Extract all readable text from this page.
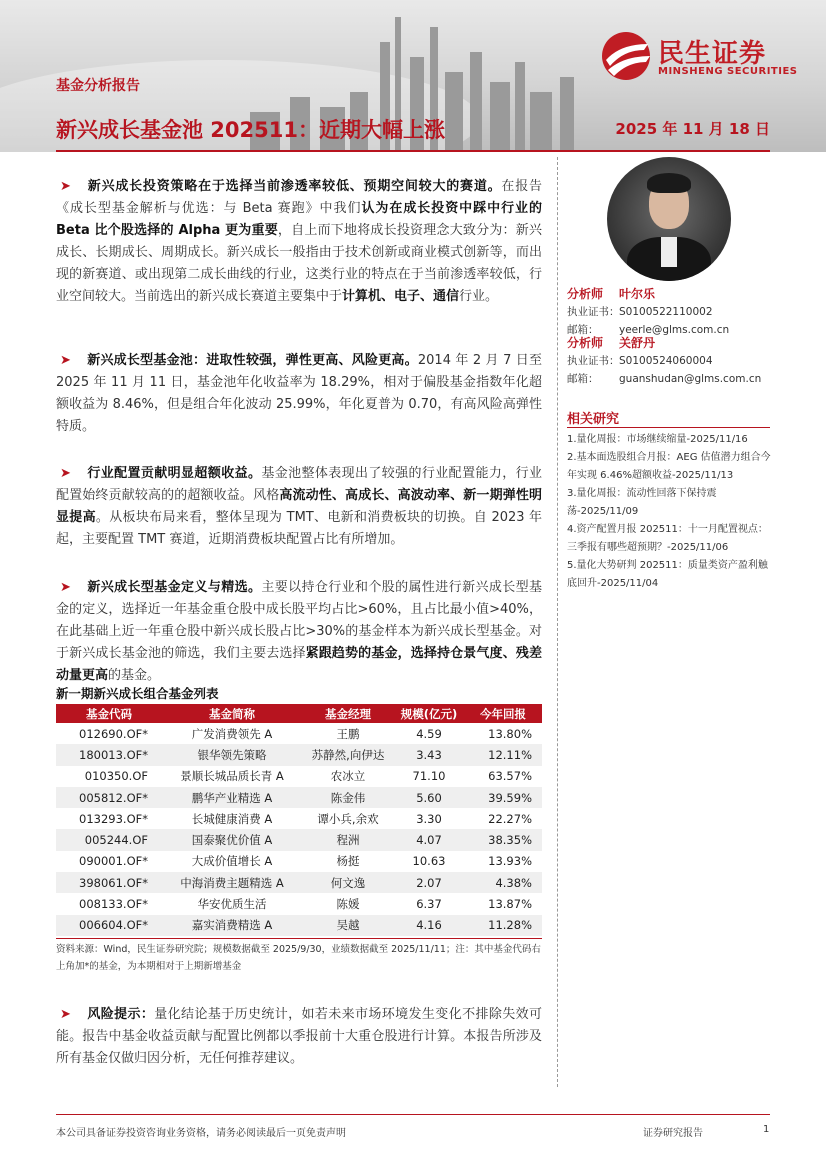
民生证券
MINSHENG SECURITIES
基金分析报告
新兴成长基金池 202511：近期大幅上涨	2025 年 11 月 18 日
➤ 新兴成长投资策略在于选择当前渗透率较低、预期空间较大的赛道。在报告《成长型基金解析与优选：与 Beta 赛跑》中我们认为在成长投资中踩中行业的 Beta 比个股选择的 Alpha 更为重要，自上而下地将成长投资理念大致分为：新兴成长、长期成长、周期成长。新兴成长一般指由于技术创新或商业模式创新等，而出现的新赛道、或出现第二成长曲线的行业，这类行业的特点在于当前渗透率较低，行业空间较大。当前选出的新兴成长赛道主要集中于计算机、电子、通信行业。
➤ 新兴成长型基金池：进取性较强，弹性更高、风险更高。2014 年 2 月 7 日至 2025 年 11 月 11 日，基金池年化收益率为 18.29%，相对于偏股基金指数年化超额收益为 8.46%，但是组合年化波动 25.99%，年化夏普为 0.70，有高风险高弹性特质。
➤ 行业配置贡献明显超额收益。基金池整体表现出了较强的行业配置能力，行业配置始终贡献较高的的超额收益。风格高流动性、高成长、高波动率、新一期弹性明显提高。从板块布局来看，整体呈现为 TMT、电新和消费板块的切换。自 2023 年起，主要配置 TMT 赛道，近期消费板块配置占比有所增加。
➤ 新兴成长型基金定义与精选。主要以持仓行业和个股的属性进行新兴成长型基金的定义，选择近一年基金重仓股中成长股平均占比>60%，且占比最小值>40%，在此基础上近一年重仓股中新兴成长股占比>30%的基金样本为新兴成长型基金。对于新兴成长基金池的筛选，我们主要去选择紧跟趋势的基金，选择持仓景气度、残差动量更高的基金。
新一期新兴成长组合基金列表
基金代码	基金简称	基金经理	规模(亿元)	今年回报
012690.OF*	广发消费领先 A	王鹏	4.59	13.80%
180013.OF*	银华领先策略	苏静然,向伊达	3.43	12.11%
010350.OF	景顺长城品质长青 A	农冰立	71.10	63.57%
005812.OF*	鹏华产业精选 A	陈金伟	5.60	39.59%
013293.OF*	长城健康消费 A	谭小兵,余欢	3.30	22.27%
005244.OF	国泰聚优价值 A	程洲	4.07	38.35%
090001.OF*	大成价值增长 A	杨挺	10.63	13.93%
398061.OF*	中海消费主题精选 A	何文逸	2.07	4.38%
008133.OF*	华安优质生活	陈媛	6.37	13.87%
006604.OF*	嘉实消费精选 A	吴越	4.16	11.28%
资料来源：Wind，民生证券研究院；规模数据截至 2025/9/30，业绩数据截至 2025/11/11；注：其中基金代码右上角加*的基金，为本期相对于上期新增基金
➤ 风险提示：量化结论基于历史统计，如若未来市场环境发生变化不排除失效可能。报告中基金收益贡献与配置比例都以季报前十大重仓股进行计算。本报告所涉及所有基金仅做归因分析，无任何推荐建议。
分析师 叶尔乐
执业证书：S0100522110002
邮箱： yeerle@glms.com.cn
分析师 关舒丹
执业证书：S0100524060004
邮箱： guanshudan@glms.com.cn
相关研究
1.量化周报：市场继续缩量-2025/11/16
2.基本面选股组合月报：AEG 估值潜力组合今年实现 6.46%超额收益-2025/11/13
3.量化周报：流动性回落下保持震荡-2025/11/09
4.资产配置月报 202511：十一月配置视点：三季报有哪些超预期？-2025/11/06
5.量化大势研判 202511：质量类资产盈利触底回升-2025/11/04
本公司具备证券投资咨询业务资格，请务必阅读最后一页免责声明	证券研究报告	1
